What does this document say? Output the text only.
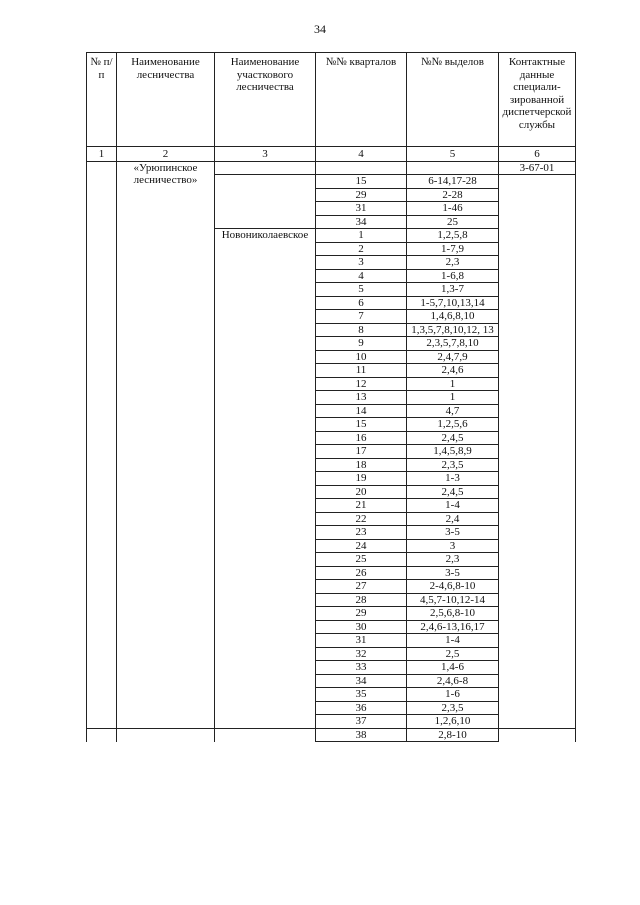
34
№ п/п	Наименование лесничества	Наименование участкового лесничества	№№ кварталов	№№ выделов	Контактные данные специали-зированной диспетчерской службы
1	2	3	4	5	6
	«Урюпинское лесничество»				3-67-01
			15	6-14,17-28	
			29	2-28	
			31	1-46	
			34	25	
		Новониколаевское	1	1,2,5,8	
			2	1-7,9	
			3	2,3	
			4	1-6,8	
			5	1,3-7	
			6	1-5,7,10,13,14	
			7	1,4,6,8,10	
			8	1,3,5,7,8,10,12, 13	
			9	2,3,5,7,8,10	
			10	2,4,7,9	
			11	2,4,6	
			12	1	
			13	1	
			14	4,7	
			15	1,2,5,6	
			16	2,4,5	
			17	1,4,5,8,9	
			18	2,3,5	
			19	1-3	
			20	2,4,5	
			21	1-4	
			22	2,4	
			23	3-5	
			24	3	
			25	2,3	
			26	3-5	
			27	2-4,6,8-10	
			28	4,5,7-10,12-14	
			29	2,5,6,8-10	
			30	2,4,6-13,16,17	
			31	1-4	
			32	2,5	
			33	1,4-6	
			34	2,4,6-8	
			35	1-6	
			36	2,3,5	
			37	1,2,6,10	
			38	2,8-10	
